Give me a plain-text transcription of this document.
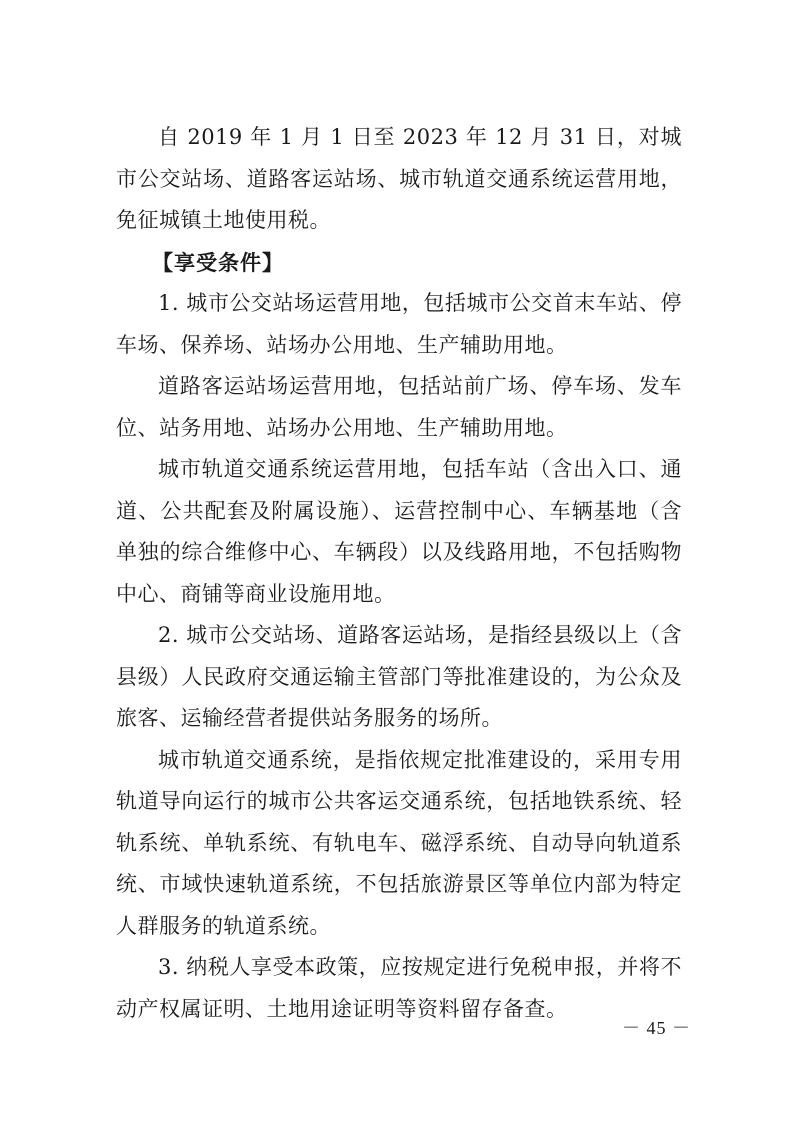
自 2019 年 1 月 1 日至 2023 年 12 月 31 日，对城市公交站场、道路客运站场、城市轨道交通系统运营用地，免征城镇土地使用税。

【享受条件】

1. 城市公交站场运营用地，包括城市公交首末车站、停车场、保养场、站场办公用地、生产辅助用地。

道路客运站场运营用地，包括站前广场、停车场、发车位、站务用地、站场办公用地、生产辅助用地。

城市轨道交通系统运营用地，包括车站（含出入口、通道、公共配套及附属设施）、运营控制中心、车辆基地（含单独的综合维修中心、车辆段）以及线路用地，不包括购物中心、商铺等商业设施用地。

2. 城市公交站场、道路客运站场，是指经县级以上（含县级）人民政府交通运输主管部门等批准建设的，为公众及旅客、运输经营者提供站务服务的场所。

城市轨道交通系统，是指依规定批准建设的，采用专用轨道导向运行的城市公共客运交通系统，包括地铁系统、轻轨系统、单轨系统、有轨电车、磁浮系统、自动导向轨道系统、市域快速轨道系统，不包括旅游景区等单位内部为特定人群服务的轨道系统。

3. 纳税人享受本政策，应按规定进行免税申报，并将不动产权属证明、土地用途证明等资料留存备查。

－ 45 －
